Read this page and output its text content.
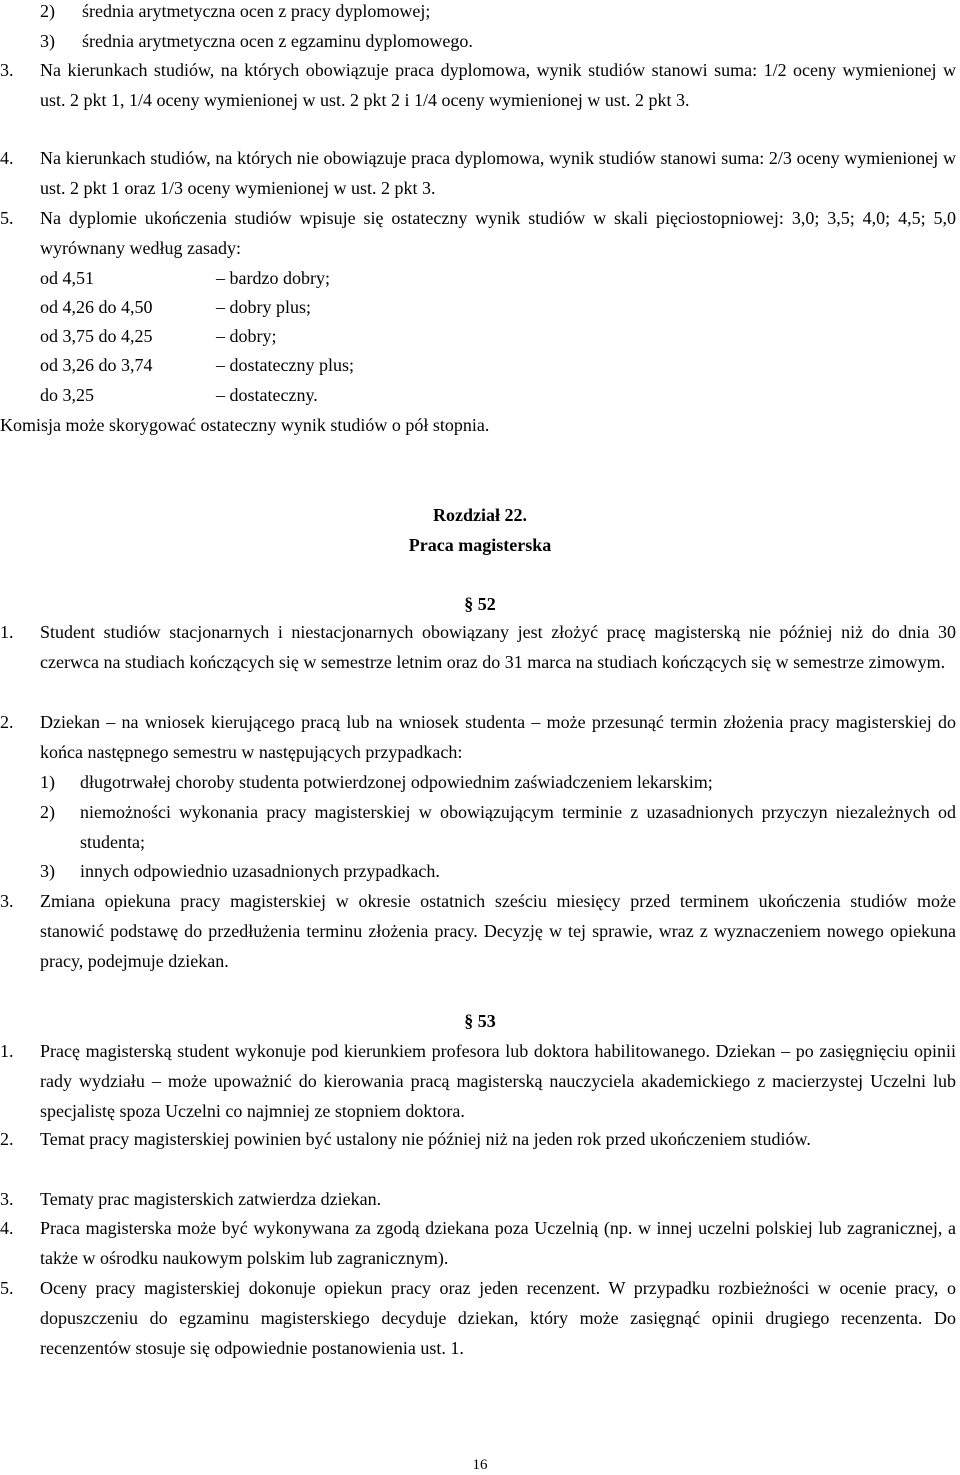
2) średnia arytmetyczna ocen z pracy dyplomowej;
3) średnia arytmetyczna ocen z egzaminu dyplomowego.
3. Na kierunkach studiów, na których obowiązuje praca dyplomowa, wynik studiów stanowi suma: 1/2 oceny wymienionej w ust. 2 pkt 1, 1/4 oceny wymienionej w ust. 2 pkt 2 i 1/4 oceny wymienionej w ust. 2 pkt 3.
4. Na kierunkach studiów, na których nie obowiązuje praca dyplomowa, wynik studiów stanowi suma: 2/3 oceny wymienionej w ust. 2 pkt 1 oraz 1/3 oceny wymienionej w ust. 2 pkt 3.
5. Na dyplomie ukończenia studiów wpisuje się ostateczny wynik studiów w skali pięciostopniowej: 3,0; 3,5; 4,0; 4,5; 5,0 wyrównany według zasady:
od 4,51	– bardzo dobry;
od 4,26 do 4,50	– dobry plus;
od 3,75 do 4,25	– dobry;
od 3,26 do 3,74	– dostateczny plus;
do 3,25	– dostateczny.
Komisja może skorygować ostateczny wynik studiów o pół stopnia.
Rozdział 22.
Praca magisterska
§ 52
1. Student studiów stacjonarnych i niestacjonarnych obowiązany jest złożyć pracę magisterską nie później niż do dnia 30 czerwca na studiach kończących się w semestrze letnim oraz do 31 marca na studiach kończących się w semestrze zimowym.
2. Dziekan – na wniosek kierującego pracą lub na wniosek studenta – może przesunąć termin złożenia pracy magisterskiej do końca następnego semestru w następujących przypadkach:
1) długotrwałej choroby studenta potwierdzonej odpowiednim zaświadczeniem lekarskim;
2) niemożności wykonania pracy magisterskiej w obowiązującym terminie z uzasadnionych przyczyn niezależnych od studenta;
3) innych odpowiednio uzasadnionych przypadkach.
3. Zmiana opiekuna pracy magisterskiej w okresie ostatnich sześciu miesięcy przed terminem ukończenia studiów może stanowić podstawę do przedłużenia terminu złożenia pracy. Decyzję w tej sprawie, wraz z wyznaczeniem nowego opiekuna pracy, podejmuje dziekan.
§ 53
1. Pracę magisterską student wykonuje pod kierunkiem profesora lub doktora habilitowanego. Dziekan – po zasięgnięciu opinii rady wydziału – może upoważnić do kierowania pracą magisterską nauczyciela akademickiego z macierzystej Uczelni lub specjalistę spoza Uczelni co najmniej ze stopniem doktora.
2. Temat pracy magisterskiej powinien być ustalony nie później niż na jeden rok przed ukończeniem studiów.
3. Tematy prac magisterskich zatwierdza dziekan.
4. Praca magisterska może być wykonywana za zgodą dziekana poza Uczelnią (np. w innej uczelni polskiej lub zagranicznej, a także w ośrodku naukowym polskim lub zagranicznym).
5. Oceny pracy magisterskiej dokonuje opiekun pracy oraz jeden recenzent. W przypadku rozbieżności w ocenie pracy, o dopuszczeniu do egzaminu magisterskiego decyduje dziekan, który może zasięgnąć opinii drugiego recenzenta. Do recenzentów stosuje się odpowiednie postanowienia ust. 1.
16
